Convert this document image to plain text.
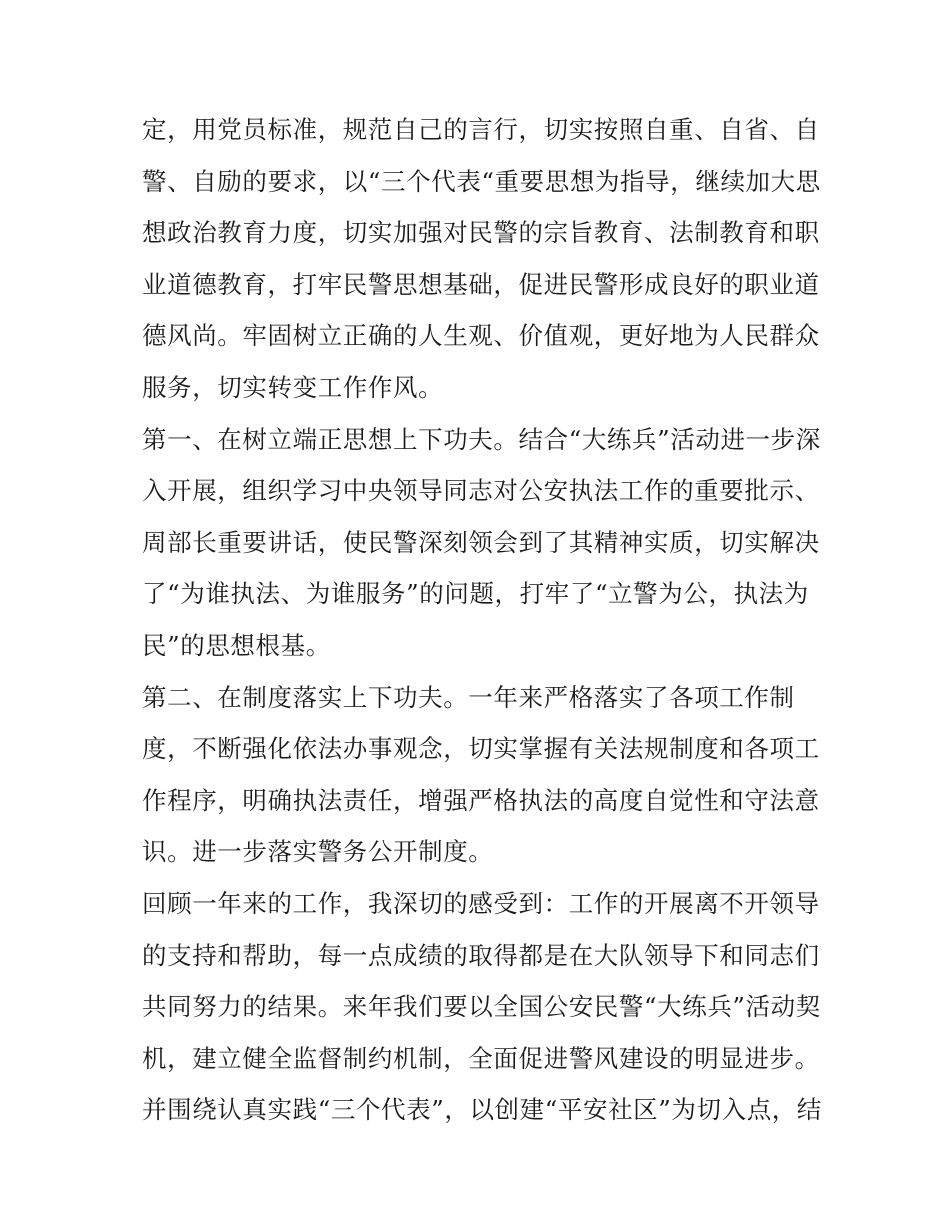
定，用党员标准，规范自己的言行，切实按照自重、自省、自
警、自励的要求，以“三个代表“重要思想为指导，继续加大思
想政治教育力度，切实加强对民警的宗旨教育、法制教育和职
业道德教育，打牢民警思想基础，促进民警形成良好的职业道
德风尚。牢固树立正确的人生观、价值观，更好地为人民群众
服务，切实转变工作作风。
第一、在树立端正思想上下功夫。结合“大练兵”活动进一步深
入开展，组织学习中央领导同志对公安执法工作的重要批示、
周部长重要讲话，使民警深刻领会到了其精神实质，切实解决
了“为谁执法、为谁服务”的问题，打牢了“立警为公，执法为
民”的思想根基。
第二、在制度落实上下功夫。一年来严格落实了各项工作制
度，不断强化依法办事观念，切实掌握有关法规制度和各项工
作程序，明确执法责任，增强严格执法的高度自觉性和守法意
识。进一步落实警务公开制度。
回顾一年来的工作，我深切的感受到：工作的开展离不开领导
的支持和帮助，每一点成绩的取得都是在大队领导下和同志们
共同努力的结果。来年我们要以全国公安民警“大练兵”活动契
机，建立健全监督制约机制，全面促进警风建设的明显进步。
并围绕认真实践“三个代表”，以创建“平安社区”为切入点，结
